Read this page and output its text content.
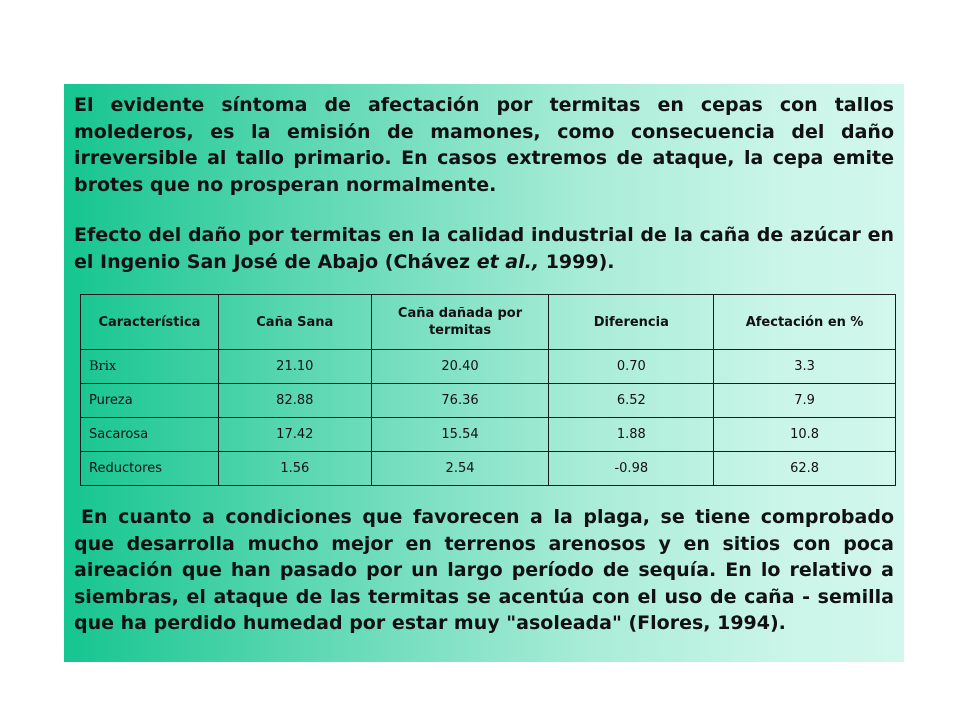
El evidente síntoma de afectación por termitas en cepas con tallos molederos, es la emisión de mamones, como consecuencia del daño irreversible al tallo primario. En casos extremos de ataque, la cepa emite brotes que no prosperan normalmente.

Efecto del daño por termitas en la calidad industrial de la caña de azúcar en el Ingenio San José de Abajo (Chávez et al., 1999).

Característica	Caña Sana	Caña dañada por termitas	Diferencia	Afectación en %
Brix	21.10	20.40	0.70	3.3
Pureza	82.88	76.36	6.52	7.9
Sacarosa	17.42	15.54	1.88	10.8
Reductores	1.56	2.54	-0.98	62.8

En cuanto a condiciones que favorecen a la plaga, se tiene comprobado que desarrolla mucho mejor en terrenos arenosos y en sitios con poca aireación que han pasado por un largo período de sequía. En lo relativo a siembras, el ataque de las termitas se acentúa con el uso de caña - semilla que ha perdido humedad por estar muy "asoleada" (Flores, 1994).
